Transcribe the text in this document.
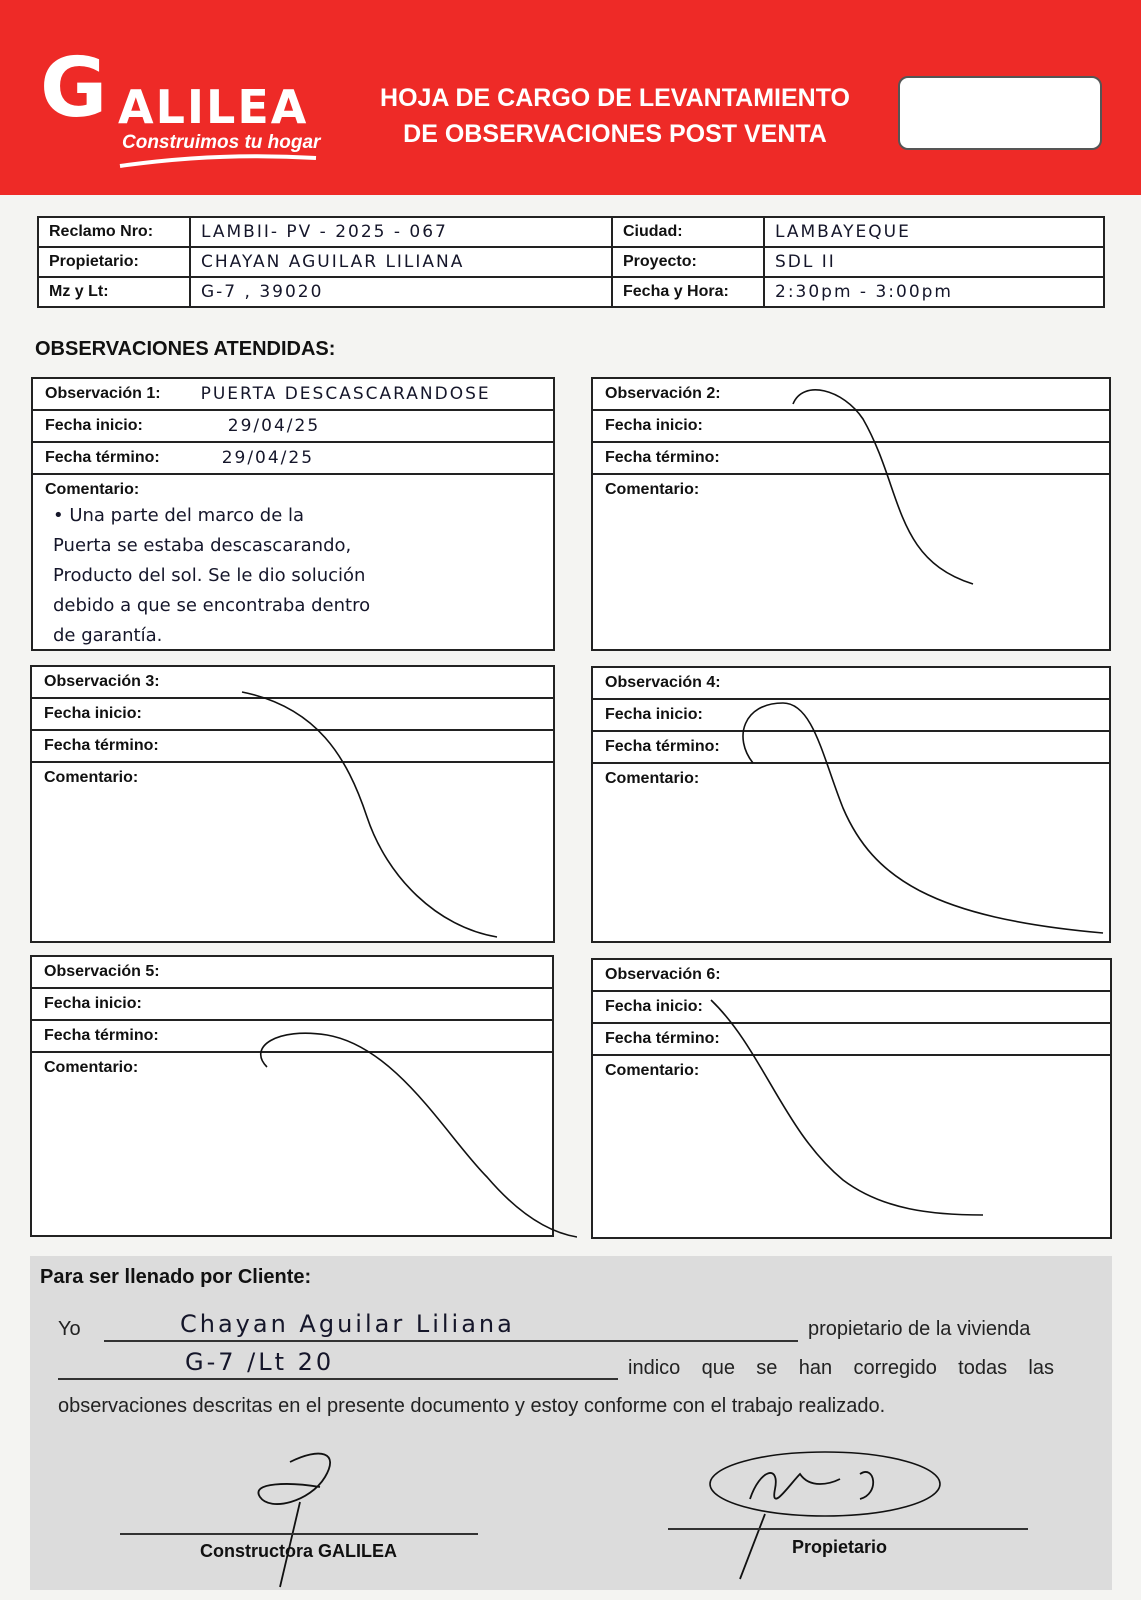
G ALILEA
Construimos tu hogar
HOJA DE CARGO DE LEVANTAMIENTO
DE OBSERVACIONES POST VENTA
Reclamo Nro:	LAMBII- PV - 2025 - 067	Ciudad:	LAMBAYEQUE
Propietario:	CHAYAN AGUILAR LILIANA	Proyecto:	SDL II
Mz y Lt:	G-7 , 39020	Fecha y Hora:	2:30pm - 3:00pm
OBSERVACIONES ATENDIDAS:
Observación 1: PUERTA DESCASCARANDOSE
Fecha inicio:	29/04/25
Fecha término:	29/04/25
Comentario:
• Una parte del marco de la
Puerta se estaba descascarando,
Producto del sol. Se le dio solución
debido a que se encontraba dentro
de garantía.
Observación 2:
Fecha inicio:
Fecha término:
Comentario:
Observación 3:
Fecha inicio:
Fecha término:
Comentario:
Observación 4:
Fecha inicio:
Fecha término:
Comentario:
Observación 5:
Fecha inicio:
Fecha término:
Comentario:
Observación 6:
Fecha inicio:
Fecha término:
Comentario:
Para ser llenado por Cliente:
Yo	Chayan Aguilar Liliana	propietario de la vivienda
G-7 /Lt 20	indico que se han corregido todas las
observaciones descritas en el presente documento y estoy conforme con el trabajo realizado.
Constructora GALILEA	Propietario
